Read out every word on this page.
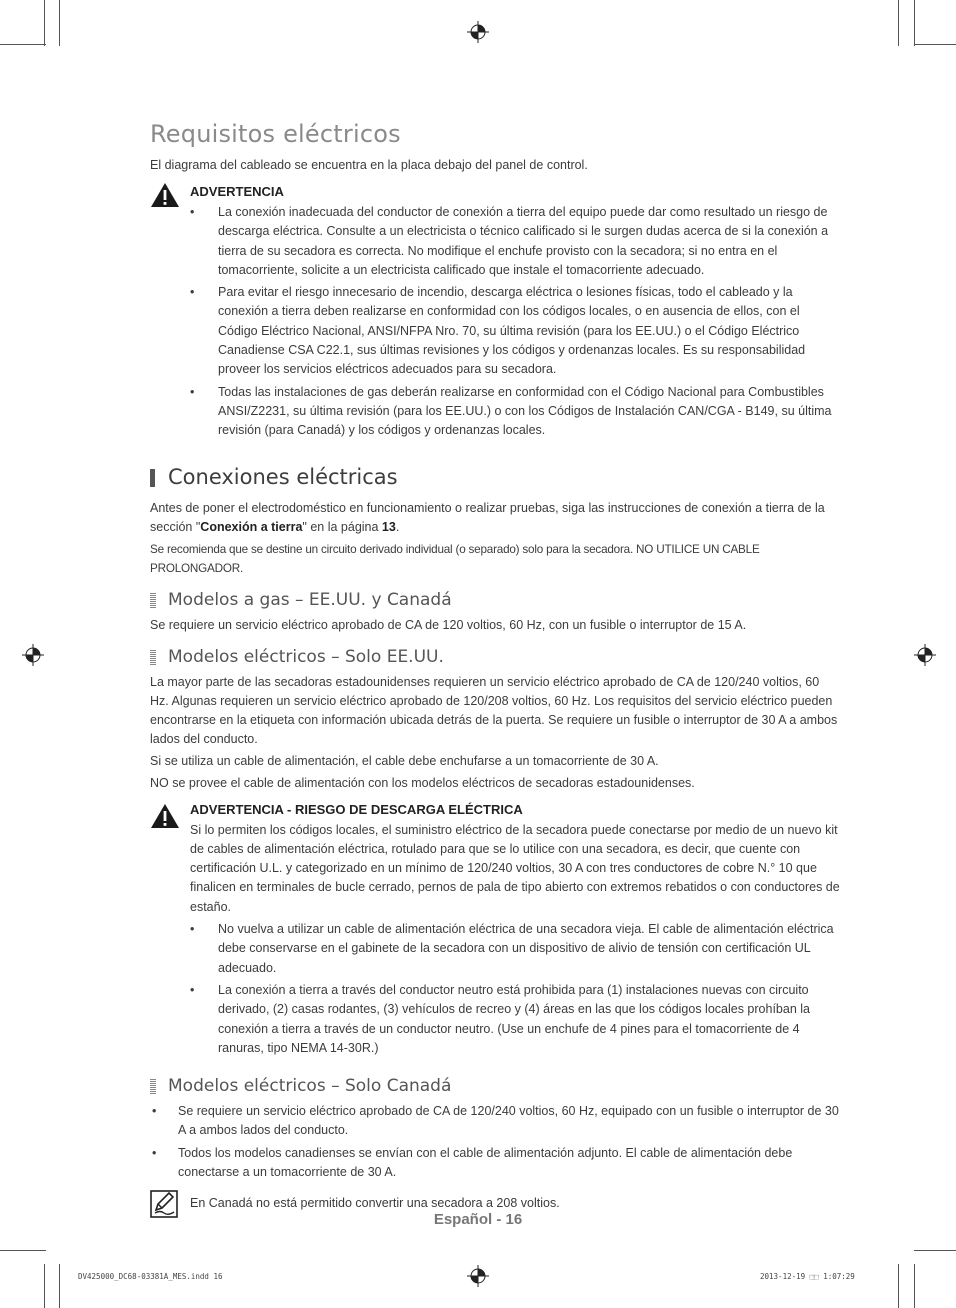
Requisitos eléctricos

El diagrama del cableado se encuentra en la placa debajo del panel de control.

ADVERTENCIA
• La conexión inadecuada del conductor de conexión a tierra del equipo puede dar como resultado un riesgo de descarga eléctrica. Consulte a un electricista o técnico calificado si le surgen dudas acerca de si la conexión a tierra de su secadora es correcta. No modifique el enchufe provisto con la secadora; si no entra en el tomacorriente, solicite a un electricista calificado que instale el tomacorriente adecuado.
• Para evitar el riesgo innecesario de incendio, descarga eléctrica o lesiones físicas, todo el cableado y la conexión a tierra deben realizarse en conformidad con los códigos locales, o en ausencia de ellos, con el Código Eléctrico Nacional, ANSI/NFPA Nro. 70, su última revisión (para los EE.UU.) o el Código Eléctrico Canadiense CSA C22.1, sus últimas revisiones y los códigos y ordenanzas locales. Es su responsabilidad proveer los servicios eléctricos adecuados para su secadora.
• Todas las instalaciones de gas deberán realizarse en conformidad con el Código Nacional para Combustibles ANSI/Z2231, su última revisión (para los EE.UU.) o con los Códigos de Instalación CAN/CGA - B149, su última revisión (para Canadá) y los códigos y ordenanzas locales.
Conexiones eléctricas

Antes de poner el electrodoméstico en funcionamiento o realizar pruebas, siga las instrucciones de conexión a tierra de la sección "Conexión a tierra" en la página 13.

Se recomienda que se destine un circuito derivado individual (o separado) solo para la secadora. NO UTILICE UN CABLE PROLONGADOR.

Modelos a gas – EE.UU. y Canadá

Se requiere un servicio eléctrico aprobado de CA de 120 voltios, 60 Hz, con un fusible o interruptor de 15 A.

Modelos eléctricos – Solo EE.UU.

La mayor parte de las secadoras estadounidenses requieren un servicio eléctrico aprobado de CA de 120/240 voltios, 60 Hz. Algunas requieren un servicio eléctrico aprobado de 120/208 voltios, 60 Hz. Los requisitos del servicio eléctrico pueden encontrarse en la etiqueta con información ubicada detrás de la puerta. Se requiere un fusible o interruptor de 30 A a ambos lados del conducto.

Si se utiliza un cable de alimentación, el cable debe enchufarse a un tomacorriente de 30 A.

NO se provee el cable de alimentación con los modelos eléctricos de secadoras estadounidenses.

ADVERTENCIA - RIESGO DE DESCARGA ELÉCTRICA

Si lo permiten los códigos locales, el suministro eléctrico de la secadora puede conectarse por medio de un nuevo kit de cables de alimentación eléctrica, rotulado para que se lo utilice con una secadora, es decir, que cuente con certificación U.L. y categorizado en un mínimo de 120/240 voltios, 30 A con tres conductores de cobre N.° 10 que finalicen en terminales de bucle cerrado, pernos de pala de tipo abierto con extremos rebatidos o con conductores de estaño.

• No vuelva a utilizar un cable de alimentación eléctrica de una secadora vieja. El cable de alimentación eléctrica debe conservarse en el gabinete de la secadora con un dispositivo de alivio de tensión con certificación UL adecuado.
• La conexión a tierra a través del conductor neutro está prohibida para (1) instalaciones nuevas con circuito derivado, (2) casas rodantes, (3) vehículos de recreo y (4) áreas en las que los códigos locales prohíban la conexión a tierra a través de un conductor neutro. (Use un enchufe de 4 pines para el tomacorriente de 4 ranuras, tipo NEMA 14-30R.)
Modelos eléctricos – Solo Canadá
• Se requiere un servicio eléctrico aprobado de CA de 120/240 voltios, 60 Hz, equipado con un fusible o interruptor de 30 A a ambos lados del conducto.
• Todos los modelos canadienses se envían con el cable de alimentación adjunto. El cable de alimentación debe conectarse a un tomacorriente de 30 A.
En Canadá no está permitido convertir una secadora a 208 voltios.
Español - 16
DV425000_DC68-03381A_MES.indd 16	2013-12-19 ⬚⬚ 1:07:29
